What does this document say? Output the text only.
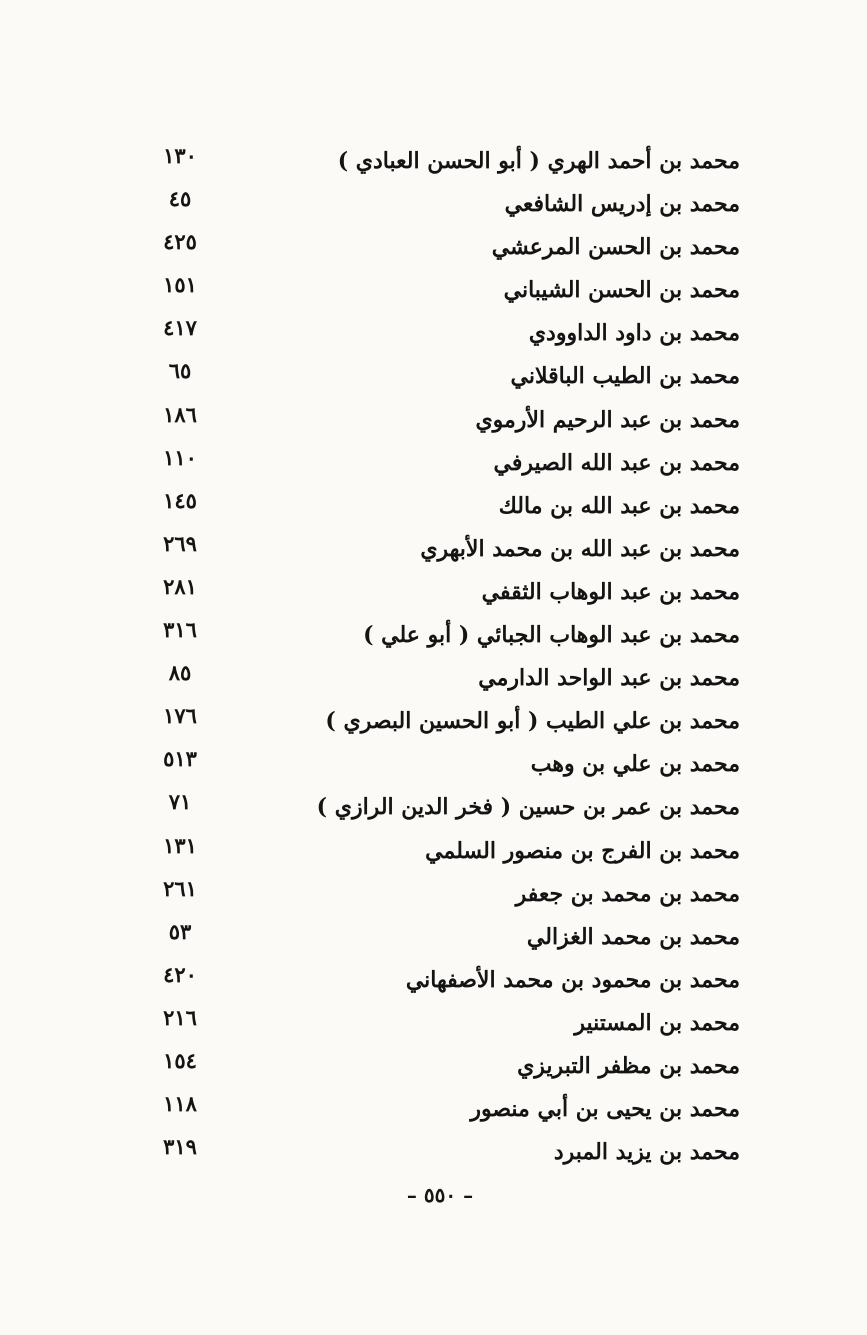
محمد بن أحمد الهري ( أبو الحسن العبادي )
١٣٠
محمد بن إدريس الشافعي
٤٥
محمد بن الحسن المرعشي
٤٢٥
محمد بن الحسن الشيباني
١٥١
محمد بن داود الداوودي
٤١٧
محمد بن الطيب الباقلاني
٦٥
محمد بن عبد الرحيم الأرموي
١٨٦
محمد بن عبد الله الصيرفي
١١٠
محمد بن عبد الله بن مالك
١٤٥
محمد بن عبد الله بن محمد الأبهري
٢٦٩
محمد بن عبد الوهاب الثقفي
٢٨١
محمد بن عبد الوهاب الجبائي ( أبو علي )
٣١٦
محمد بن عبد الواحد الدارمي
٨٥
محمد بن علي الطيب ( أبو الحسين البصري )
١٧٦
محمد بن علي بن وهب
٥١٣
محمد بن عمر بن حسين ( فخر الدين الرازي )
٧١
محمد بن الفرج بن منصور السلمي
١٣١
محمد بن محمد بن جعفر
٢٦١
محمد بن محمد الغزالي
٥٣
محمد بن محمود بن محمد الأصفهاني
٤٢٠
محمد بن المستنير
٢١٦
محمد بن مظفر التبريزي
١٥٤
محمد بن يحيى بن أبي منصور
١١٨
محمد بن يزيد المبرد
٣١٩
– ٥٥٠ –
